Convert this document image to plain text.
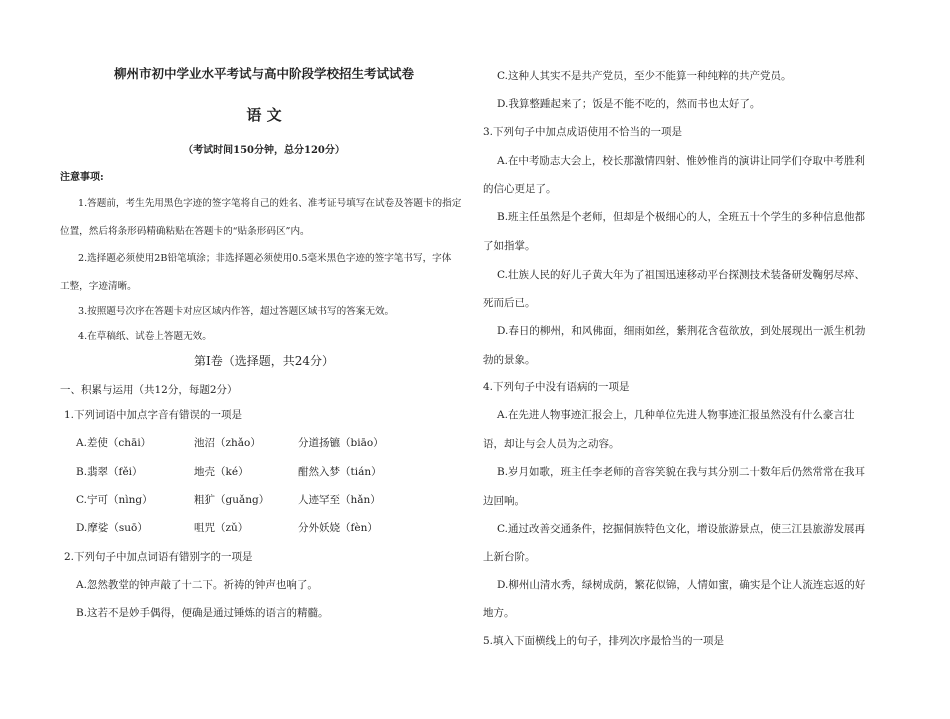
柳州市初中学业水平考试与高中阶段学校招生考试试卷
语 文
（考试时间150分钟，总分120分）
注意事项:
1.答题前，考生先用黑色字迹的签字笔将自己的姓名、准考证号填写在试卷及答题卡的指定
位置，然后将条形码精确粘贴在答题卡的“贴条形码区”内。
2.选择题必须使用2B铅笔填涂；非选择题必须使用0.5毫米黑色字迹的签字笔书写，字体
工整，字迹清晰。
3.按照题号次序在答题卡对应区域内作答，超过答题区域书写的答案无效。
4.在草稿纸、试卷上答题无效。
第Ⅰ卷（选择题，共24分）
一、积累与运用（共12分，每题2分）
1.下列词语中加点字音有错误的一项是
A.差使（chāi）	池沼（zhǎo）	分道扬镳（biāo）
B.翡翠（fěi）	地壳（ké）	酣然入梦（tián）
C.宁可（nìng）	粗犷（guǎng）	人迹罕至（hǎn）
D.摩娑（suō）	咀咒（zǔ）	分外妖娆（fèn）
2.下列句子中加点词语有错别字的一项是
A.忽然教堂的钟声敲了十二下。祈祷的钟声也响了。
B.这若不是妙手偶得，便确是通过锤炼的语言的精髓。
C.这种人其实不是共产党员，至少不能算一种纯粹的共产党员。
D.我算整踵起来了；饭是不能不吃的，然而书也太好了。
3.下列句子中加点成语使用不恰当的一项是
A.在中考励志大会上，校长那激情四射、惟妙惟肖的演讲让同学们夺取中考胜利
的信心更足了。
B.班主任虽然是个老师，但却是个极细心的人，全班五十个学生的多种信息他都
了如指掌。
C.壮族人民的好儿子黄大年为了祖国迅速移动平台探测技术装备研发鞠躬尽瘁、
死而后已。
D.春日的柳州，和风佛面，细雨如丝，紫荆花含苞欲放，到处展现出一派生机勃
勃的景象。
4.下列句子中没有语病的一项是
A.在先进人物事迹汇报会上，几种单位先进人物事迹汇报虽然没有什么豪言壮
语，却让与会人员为之动容。
B.岁月如歌，班主任李老师的音容笑貌在我与其分别二十数年后仍然常常在我耳
边回响。
C.通过改善交通条件，挖掘侗族特色文化，增设旅游景点，使三江县旅游发展再
上新台阶。
D.柳州山清水秀，绿树成荫，繁花似锦，人情如蜜，确实是个让人流连忘返的好
地方。
5.填入下面横线上的句子，排列次序最恰当的一项是
